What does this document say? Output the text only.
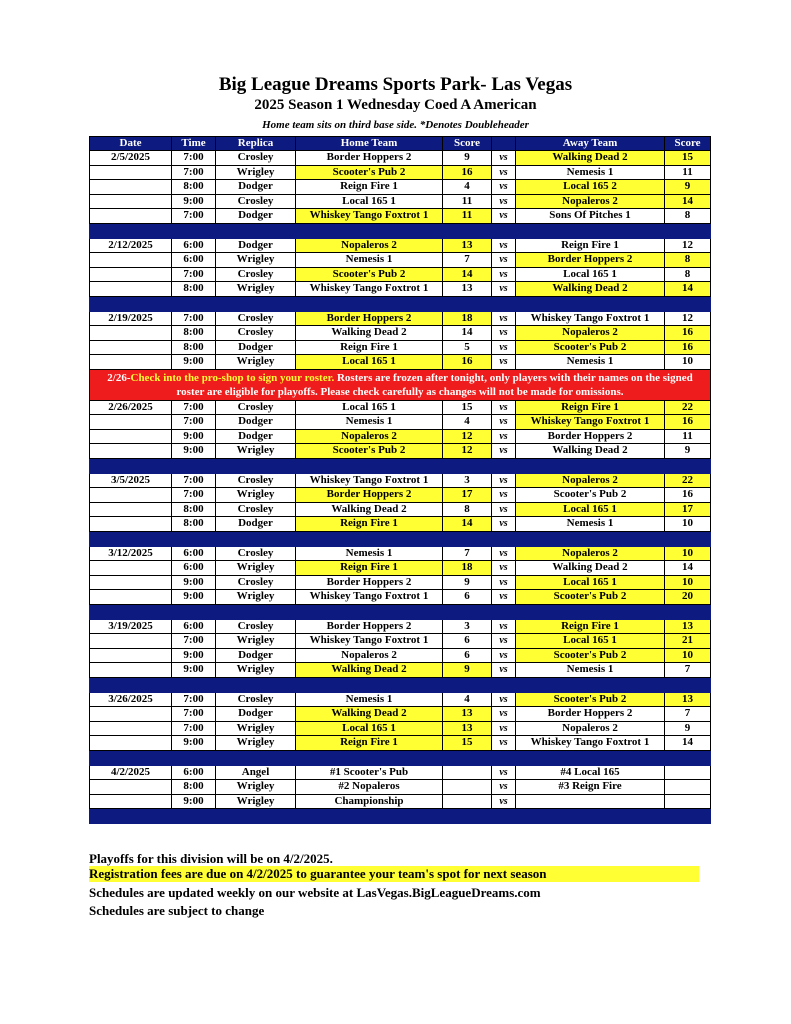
Big League Dreams Sports Park- Las Vegas
2025 Season 1 Wednesday Coed A American
Home team sits on third base side. *Denotes Doubleheader
Date	Time	Replica	Home Team	Score		Away Team	Score
2/5/2025	7:00	Crosley	Border Hoppers 2	9	vs	Walking Dead 2	15
	7:00	Wrigley	Scooter's Pub 2	16	vs	Nemesis 1	11
	8:00	Dodger	Reign Fire 1	4	vs	Local 165 2	9
	9:00	Crosley	Local 165 1	11	vs	Nopaleros 2	14
	7:00	Dodger	Whiskey Tango Foxtrot 1	11	vs	Sons Of Pitches 1	8

2/12/2025	6:00	Dodger	Nopaleros 2	13	vs	Reign Fire 1	12
	6:00	Wrigley	Nemesis 1	7	vs	Border Hoppers 2	8
	7:00	Crosley	Scooter's Pub 2	14	vs	Local 165 1	8
	8:00	Wrigley	Whiskey Tango Foxtrot 1	13	vs	Walking Dead 2	14

2/19/2025	7:00	Crosley	Border Hoppers 2	18	vs	Whiskey Tango Foxtrot 1	12
	8:00	Crosley	Walking Dead 2	14	vs	Nopaleros 2	16
	8:00	Dodger	Reign Fire 1	5	vs	Scooter's Pub 2	16
	9:00	Wrigley	Local 165 1	16	vs	Nemesis 1	10
2/26-Check into the pro-shop to sign your roster. Rosters are frozen after tonight, only players with their names on the signed roster are eligible for playoffs. Please check carefully as changes will not be made for omissions.							
2/26/2025	7:00	Crosley	Local 165 1	15	vs	Reign Fire 1	22
	7:00	Dodger	Nemesis 1	4	vs	Whiskey Tango Foxtrot 1	16
	9:00	Dodger	Nopaleros 2	12	vs	Border Hoppers 2	11
	9:00	Wrigley	Scooter's Pub 2	12	vs	Walking Dead 2	9

3/5/2025	7:00	Crosley	Whiskey Tango Foxtrot 1	3	vs	Nopaleros 2	22
	7:00	Wrigley	Border Hoppers 2	17	vs	Scooter's Pub 2	16
	8:00	Crosley	Walking Dead 2	8	vs	Local 165 1	17
	8:00	Dodger	Reign Fire 1	14	vs	Nemesis 1	10

3/12/2025	6:00	Crosley	Nemesis 1	7	vs	Nopaleros 2	10
	6:00	Wrigley	Reign Fire 1	18	vs	Walking Dead 2	14
	9:00	Crosley	Border Hoppers 2	9	vs	Local 165 1	10
	9:00	Wrigley	Whiskey Tango Foxtrot 1	6	vs	Scooter's Pub 2	20

3/19/2025	6:00	Crosley	Border Hoppers 2	3	vs	Reign Fire 1	13
	7:00	Wrigley	Whiskey Tango Foxtrot 1	6	vs	Local 165 1	21
	9:00	Dodger	Nopaleros 2	6	vs	Scooter's Pub 2	10
	9:00	Wrigley	Walking Dead 2	9	vs	Nemesis 1	7

3/26/2025	7:00	Crosley	Nemesis 1	4	vs	Scooter's Pub 2	13
	7:00	Dodger	Walking Dead 2	13	vs	Border Hoppers 2	7
	7:00	Wrigley	Local 165 1	13	vs	Nopaleros 2	9
	9:00	Wrigley	Reign Fire 1	15	vs	Whiskey Tango Foxtrot 1	14

4/2/2025	6:00	Angel	#1 Scooter's Pub		vs	#4 Local 165	
	8:00	Wrigley	#2 Nopaleros		vs	#3 Reign Fire	
	9:00	Wrigley	Championship		vs		

Playoffs for this division will be on 4/2/2025.
Registration fees are due on 4/2/2025 to guarantee your team's spot for next season
Schedules are updated weekly on our website at LasVegas.BigLeagueDreams.com
Schedules are subject to change
